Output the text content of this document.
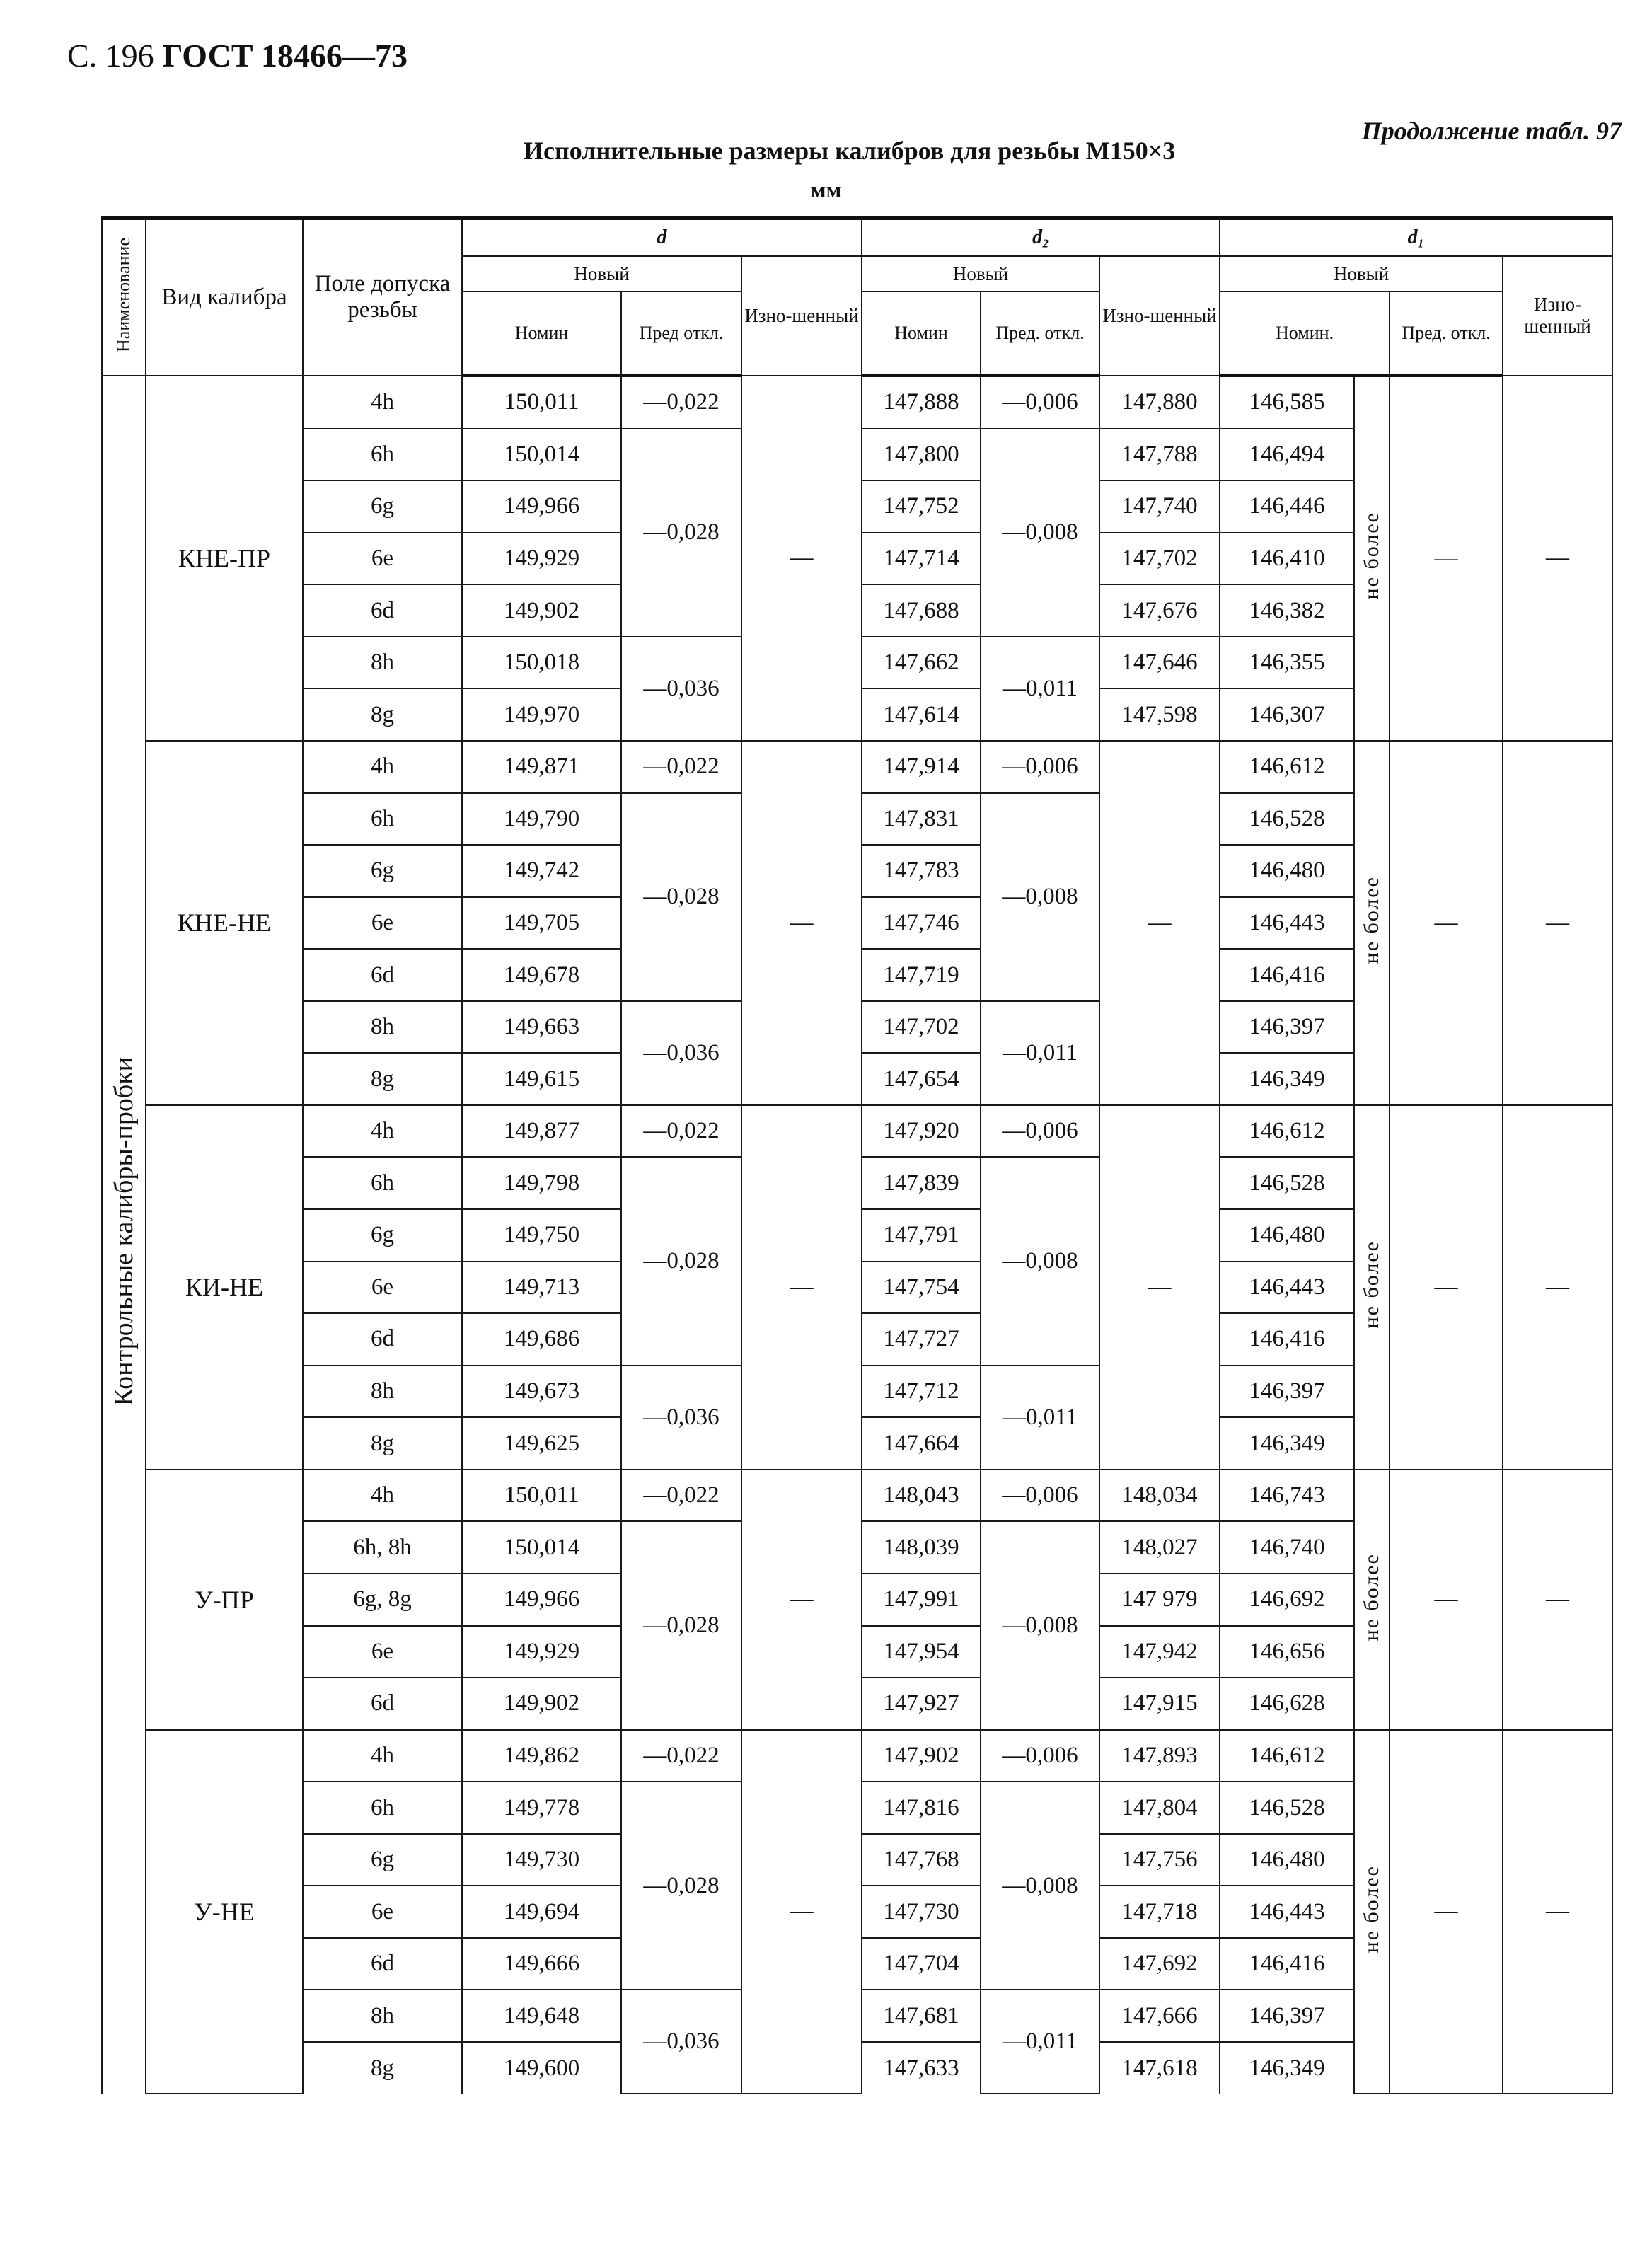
С. 196 ГОСТ 18466—73
Продолжение табл. 97
Исполнительные размеры калибров для резьбы М150×3
мм
Наименование	Вид калибра	Поле допуска резьбы	d			d₂			d₁			
			Новый		Изно-шенный	Новый		Изно-шенный	Новый			Изно-шенный
			Номин	Пред откл.		Номин	Пред. откл.		Номин.		Пред. откл.	
Контрольные калибры-пробки	КНЕ-ПР	4h	150,011	—0,022	—	147,888	—0,006	147,880	146,585	не более	—	—
		6h	150,014	—0,028		147,800	—0,008	147,788	146,494			
		6g	149,966			147,752		147,740	146,446			
		6e	149,929			147,714		147,702	146,410			
		6d	149,902			147,688		147,676	146,382			
		8h	150,018	—0,036		147,662	—0,011	147,646	146,355			
		8g	149,970			147,614		147,598	146,307			
	КНЕ-НЕ	4h	149,871	—0,022	—	147,914	—0,006	—	146,612	не более	—	—
		6h	149,790	—0,028		147,831	—0,008		146,528			
		6g	149,742			147,783			146,480			
		6e	149,705			147,746			146,443			
		6d	149,678			147,719			146,416			
		8h	149,663	—0,036		147,702	—0,011		146,397			
		8g	149,615			147,654			146,349			
	КИ-НЕ	4h	149,877	—0,022	—	147,920	—0,006	—	146,612	не более	—	—
		6h	149,798	—0,028		147,839	—0,008		146,528			
		6g	149,750			147,791			146,480			
		6e	149,713			147,754			146,443			
		6d	149,686			147,727			146,416			
		8h	149,673	—0,036		147,712	—0,011		146,397			
		8g	149,625			147,664			146,349			
	У-ПР	4h	150,011	—0,022	—	148,043	—0,006	148,034	146,743	не более	—	—
		6h, 8h	150,014	—0,028		148,039	—0,008	148,027	146,740			
		6g, 8g	149,966			147,991		147 979	146,692			
		6e	149,929			147,954		147,942	146,656			
		6d	149,902			147,927		147,915	146,628			
	У-НЕ	4h	149,862	—0,022	—	147,902	—0,006	147,893	146,612	не более	—	—
		6h	149,778	—0,028		147,816	—0,008	147,804	146,528			
		6g	149,730			147,768		147,756	146,480			
		6e	149,694			147,730		147,718	146,443			
		6d	149,666			147,704		147,692	146,416			
		8h	149,648	—0,036		147,681	—0,011	147,666	146,397			
		8g	149,600			147,633		147,618	146,349			
